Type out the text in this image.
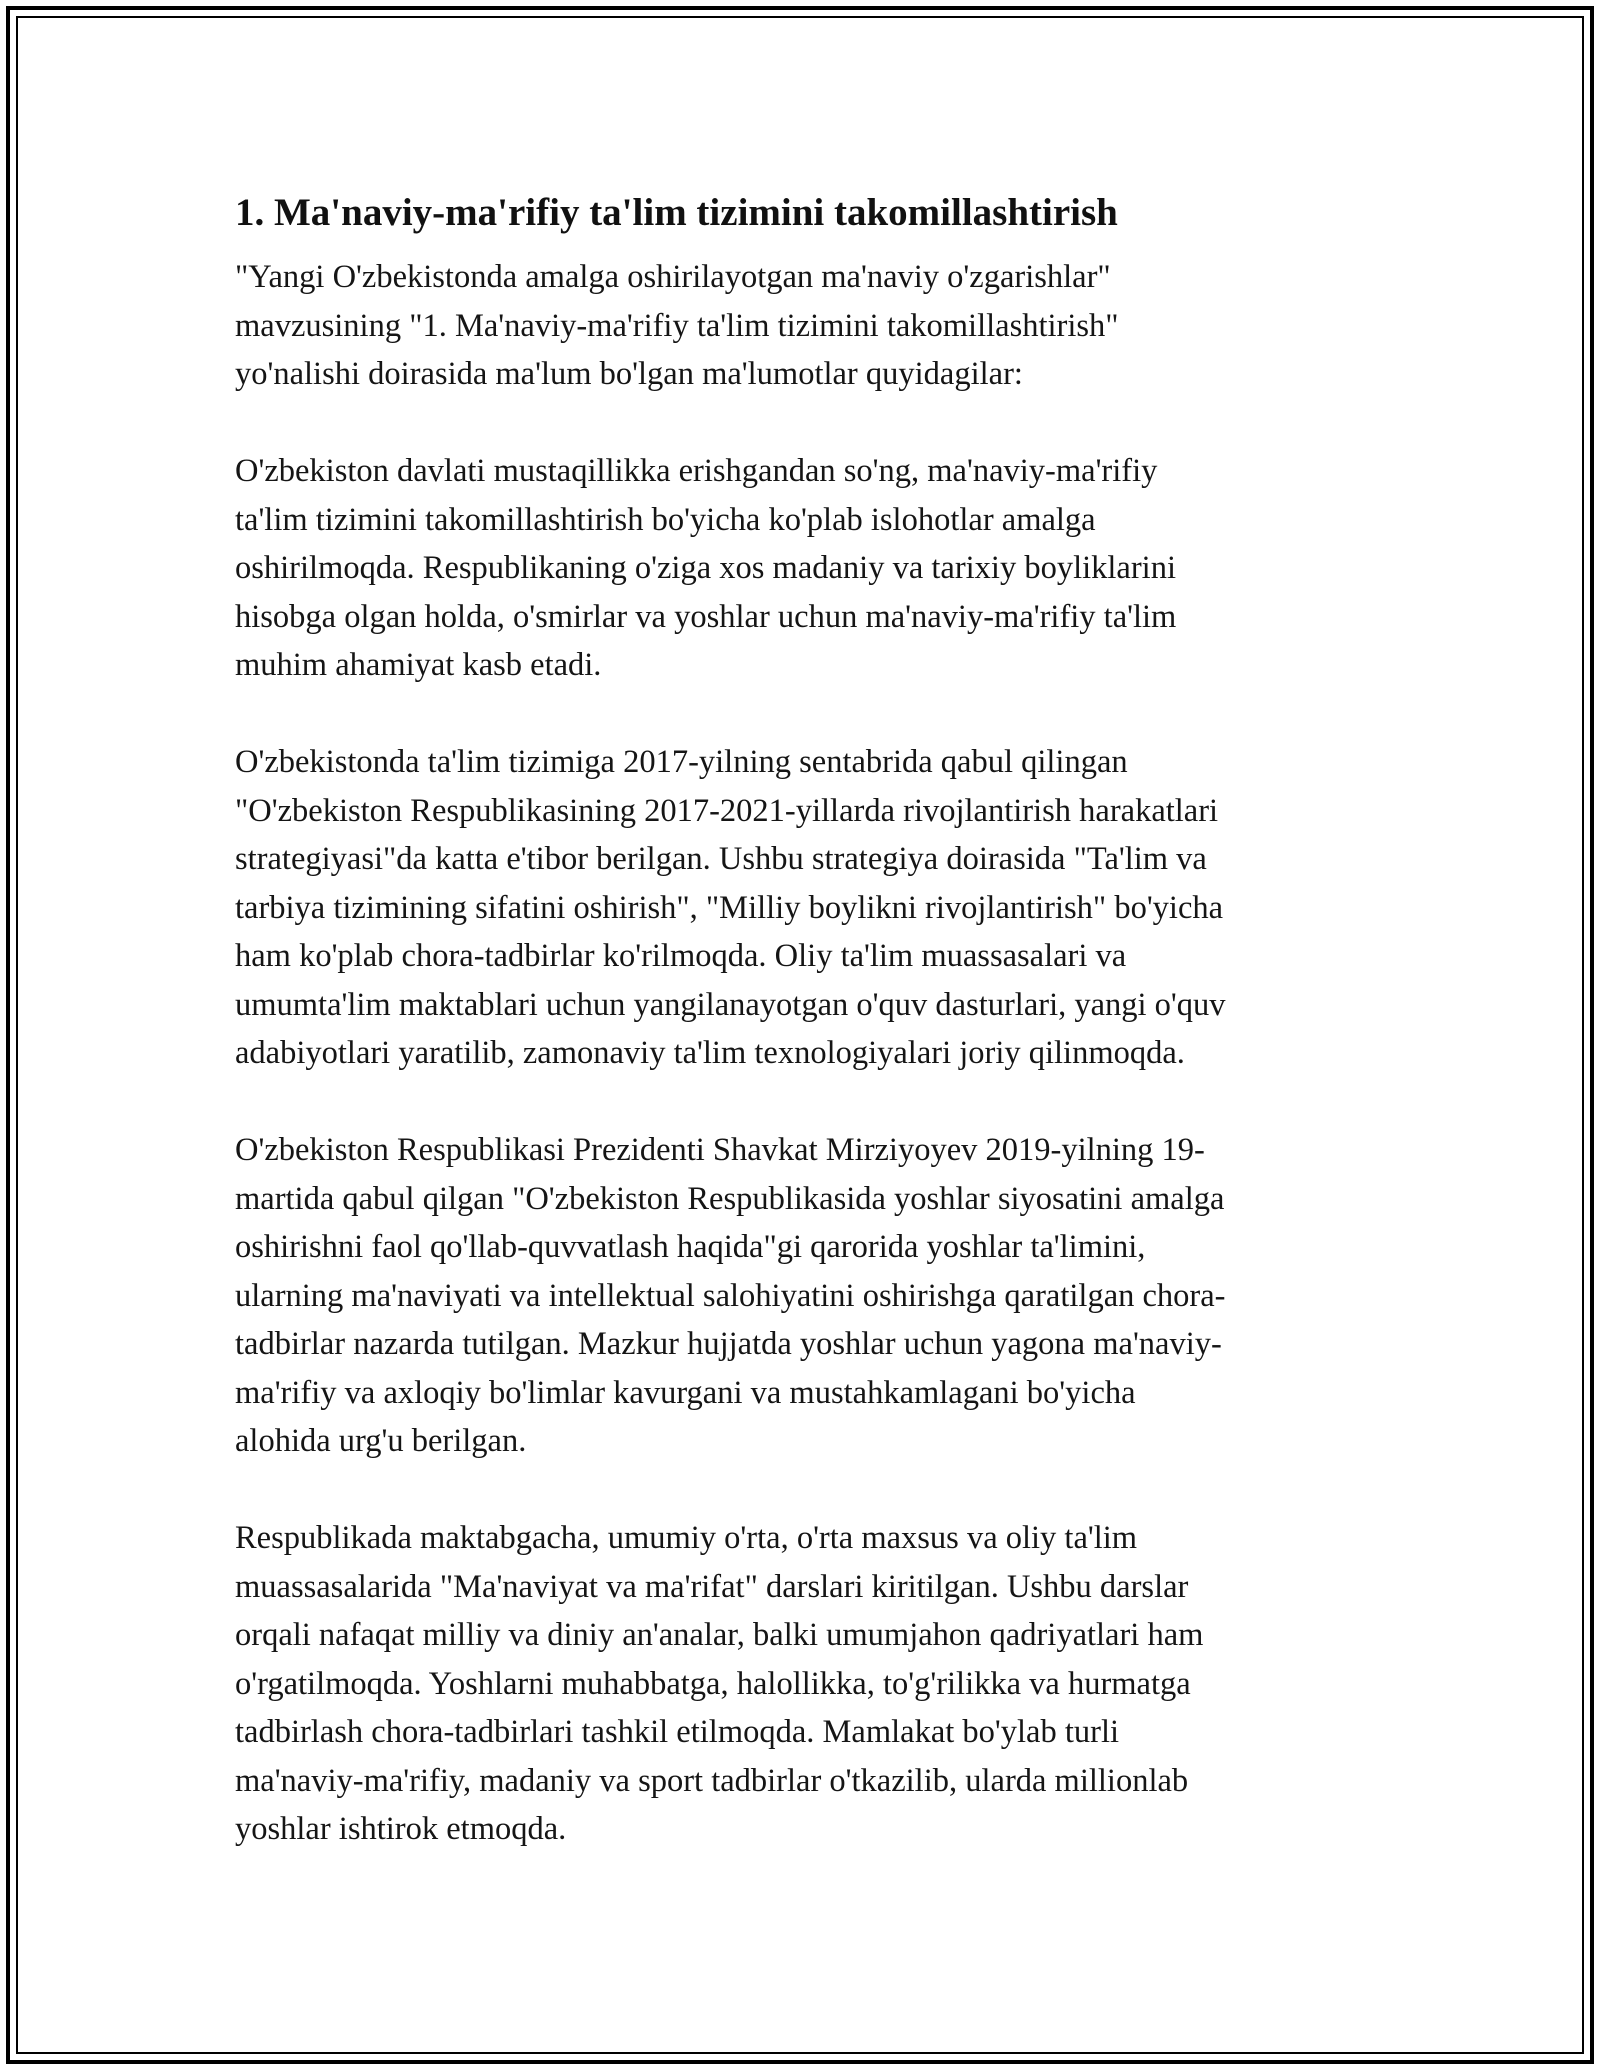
1. Ma'naviy-ma'rifiy ta'lim tizimini takomillashtirish

"Yangi O'zbekistonda amalga oshirilayotgan ma'naviy o'zgarishlar"
mavzusining "1. Ma'naviy-ma'rifiy ta'lim tizimini takomillashtirish"
yo'nalishi doirasida ma'lum bo'lgan ma'lumotlar quyidagilar:

O'zbekiston davlati mustaqillikka erishgandan so'ng, ma'naviy-ma'rifiy
ta'lim tizimini takomillashtirish bo'yicha ko'plab islohotlar amalga
oshirilmoqda. Respublikaning o'ziga xos madaniy va tarixiy boyliklarini
hisobga olgan holda, o'smirlar va yoshlar uchun ma'naviy-ma'rifiy ta'lim
muhim ahamiyat kasb etadi.

O'zbekistonda ta'lim tizimiga 2017-yilning sentabrida qabul qilingan
"O'zbekiston Respublikasining 2017-2021-yillarda rivojlantirish harakatlari
strategiyasi"da katta e'tibor berilgan. Ushbu strategiya doirasida "Ta'lim va
tarbiya tizimining sifatini oshirish", "Milliy boylikni rivojlantirish" bo'yicha
ham ko'plab chora-tadbirlar ko'rilmoqda. Oliy ta'lim muassasalari va
umumta'lim maktablari uchun yangilanayotgan o'quv dasturlari, yangi o'quv
adabiyotlari yaratilib, zamonaviy ta'lim texnologiyalari joriy qilinmoqda.

O'zbekiston Respublikasi Prezidenti Shavkat Mirziyoyev 2019-yilning 19-
martida qabul qilgan "O'zbekiston Respublikasida yoshlar siyosatini amalga
oshirishni faol qo'llab-quvvatlash haqida"gi qarorida yoshlar ta'limini,
ularning ma'naviyati va intellektual salohiyatini oshirishga qaratilgan chora-
tadbirlar nazarda tutilgan. Mazkur hujjatda yoshlar uchun yagona ma'naviy-
ma'rifiy va axloqiy bo'limlar kavurgani va mustahkamlagani bo'yicha
alohida urg'u berilgan.

Respublikada maktabgacha, umumiy o'rta, o'rta maxsus va oliy ta'lim
muassasalarida "Ma'naviyat va ma'rifat" darslari kiritilgan. Ushbu darslar
orqali nafaqat milliy va diniy an'analar, balki umumjahon qadriyatlari ham
o'rgatilmoqda. Yoshlarni muhabbatga, halollikka, to'g'rilikka va hurmatga
tadbirlash chora-tadbirlari tashkil etilmoqda. Mamlakat bo'ylab turli
ma'naviy-ma'rifiy, madaniy va sport tadbirlar o'tkazilib, ularda millionlab
yoshlar ishtirok etmoqda.
